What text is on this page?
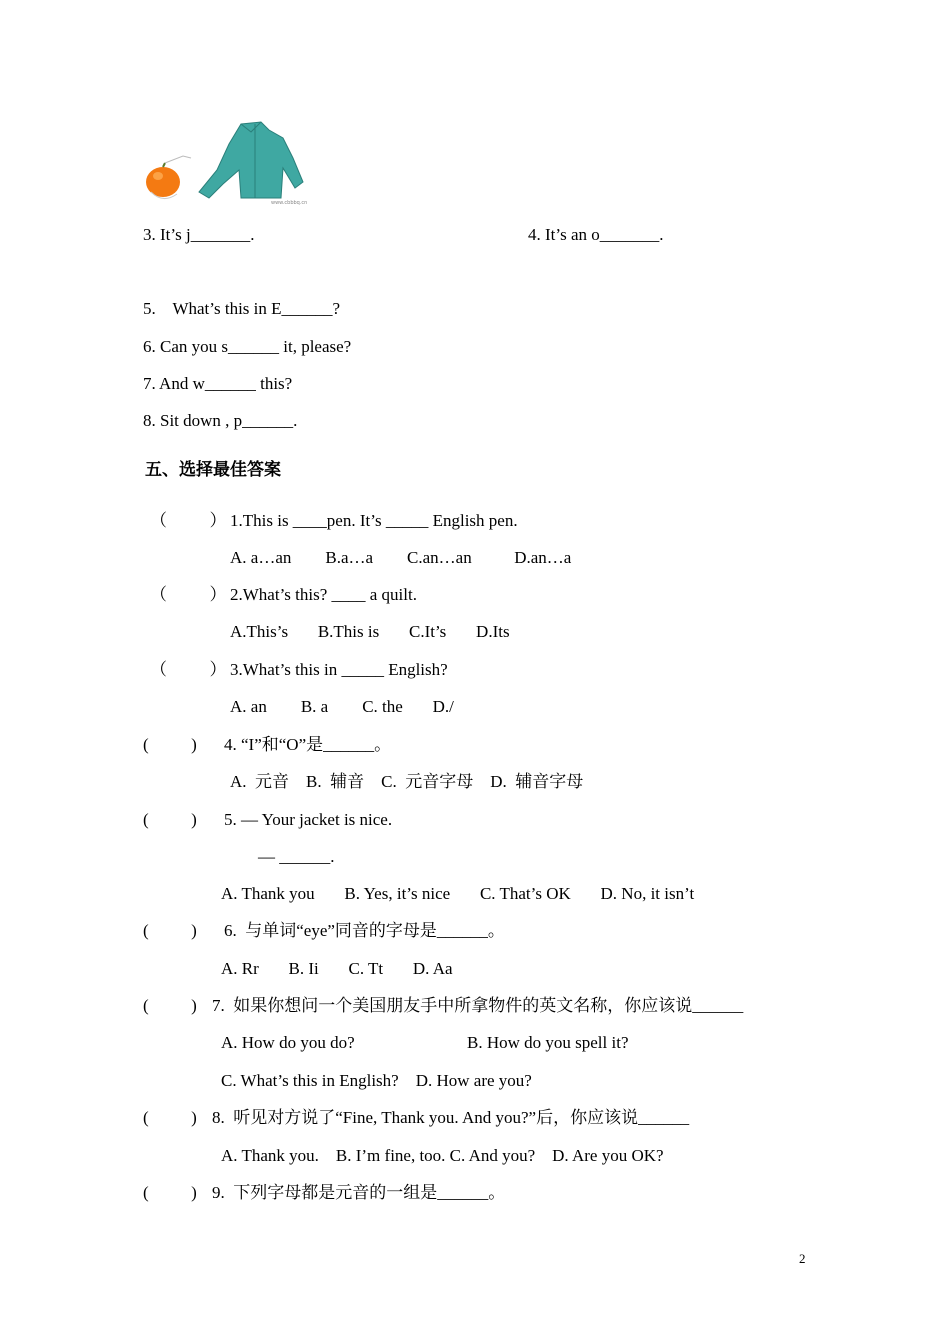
www.cbbbq.cn
3. It’s j_______.	4. It’s an o_______.
5.    What’s this in E______?
6. Can you s______ it, please?
7. And w______ this?
8. Sit down , p______.
五、选择最佳答案
（          ） 1.This is ____pen. It’s _____ English pen.
A. a…an        B.a…a        C.an…an          D.an…a
（          ） 2.What’s this? ____ a quilt.
A.This’s       B.This is       C.It’s       D.Its
（          ） 3.What’s this in _____ English?
A. an        B. a        C. the       D./
(          ) 4. “I”和“O”是______。
A.  元音    B.  辅音    C.  元音字母    D.  辅音字母
(          ) 5. — Your jacket is nice.
— ______.
A. Thank you       B. Yes, it’s nice       C. That’s OK       D. No, it isn’t
(          ) 6.  与单词“eye”同音的字母是______。
A. Rr       B. Ii       C. Tt       D. Aa
(          ) 7.  如果你想问一个美国朋友手中所拿物件的英文名称，你应该说______
A. How do you do?	B. How do you spell it?
C. What’s this in English?    D. How are you?
(          ) 8.  听见对方说了“Fine, Thank you. And you?”后，你应该说______
A. Thank you.    B. I’m fine, too. C. And you?    D. Are you OK?
(          ) 9.  下列字母都是元音的一组是______。
2
